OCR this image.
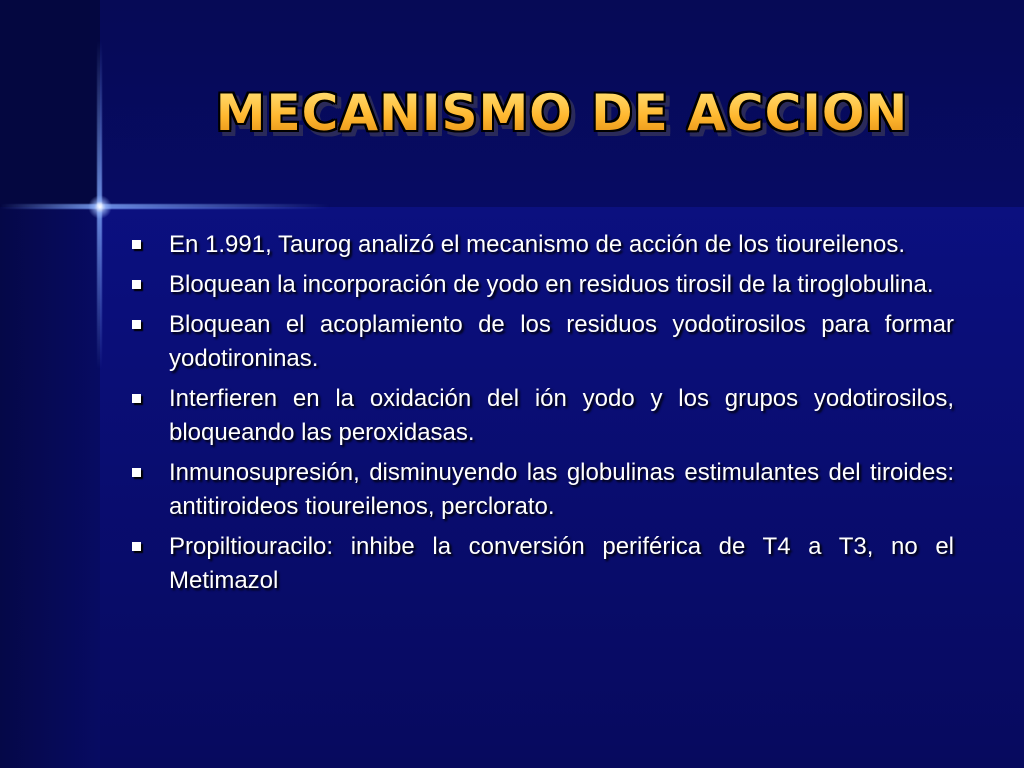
MECANISMO DE ACCION
En 1.991, Taurog analizó el mecanismo de acción de los tioureilenos.
Bloquean la incorporación de yodo en residuos tirosil de la tiroglobulina.
Bloquean el acoplamiento de los residuos yodotirosilos para formar yodotironinas.
Interfieren en la oxidación del ión yodo y los grupos yodotirosilos, bloqueando las peroxidasas.
Inmunosupresión, disminuyendo las globulinas estimulantes del tiroides: antitiroideos tioureilenos, perclorato.
Propiltiouracilo: inhibe la conversión periférica de T4 a T3, no el Metimazol
